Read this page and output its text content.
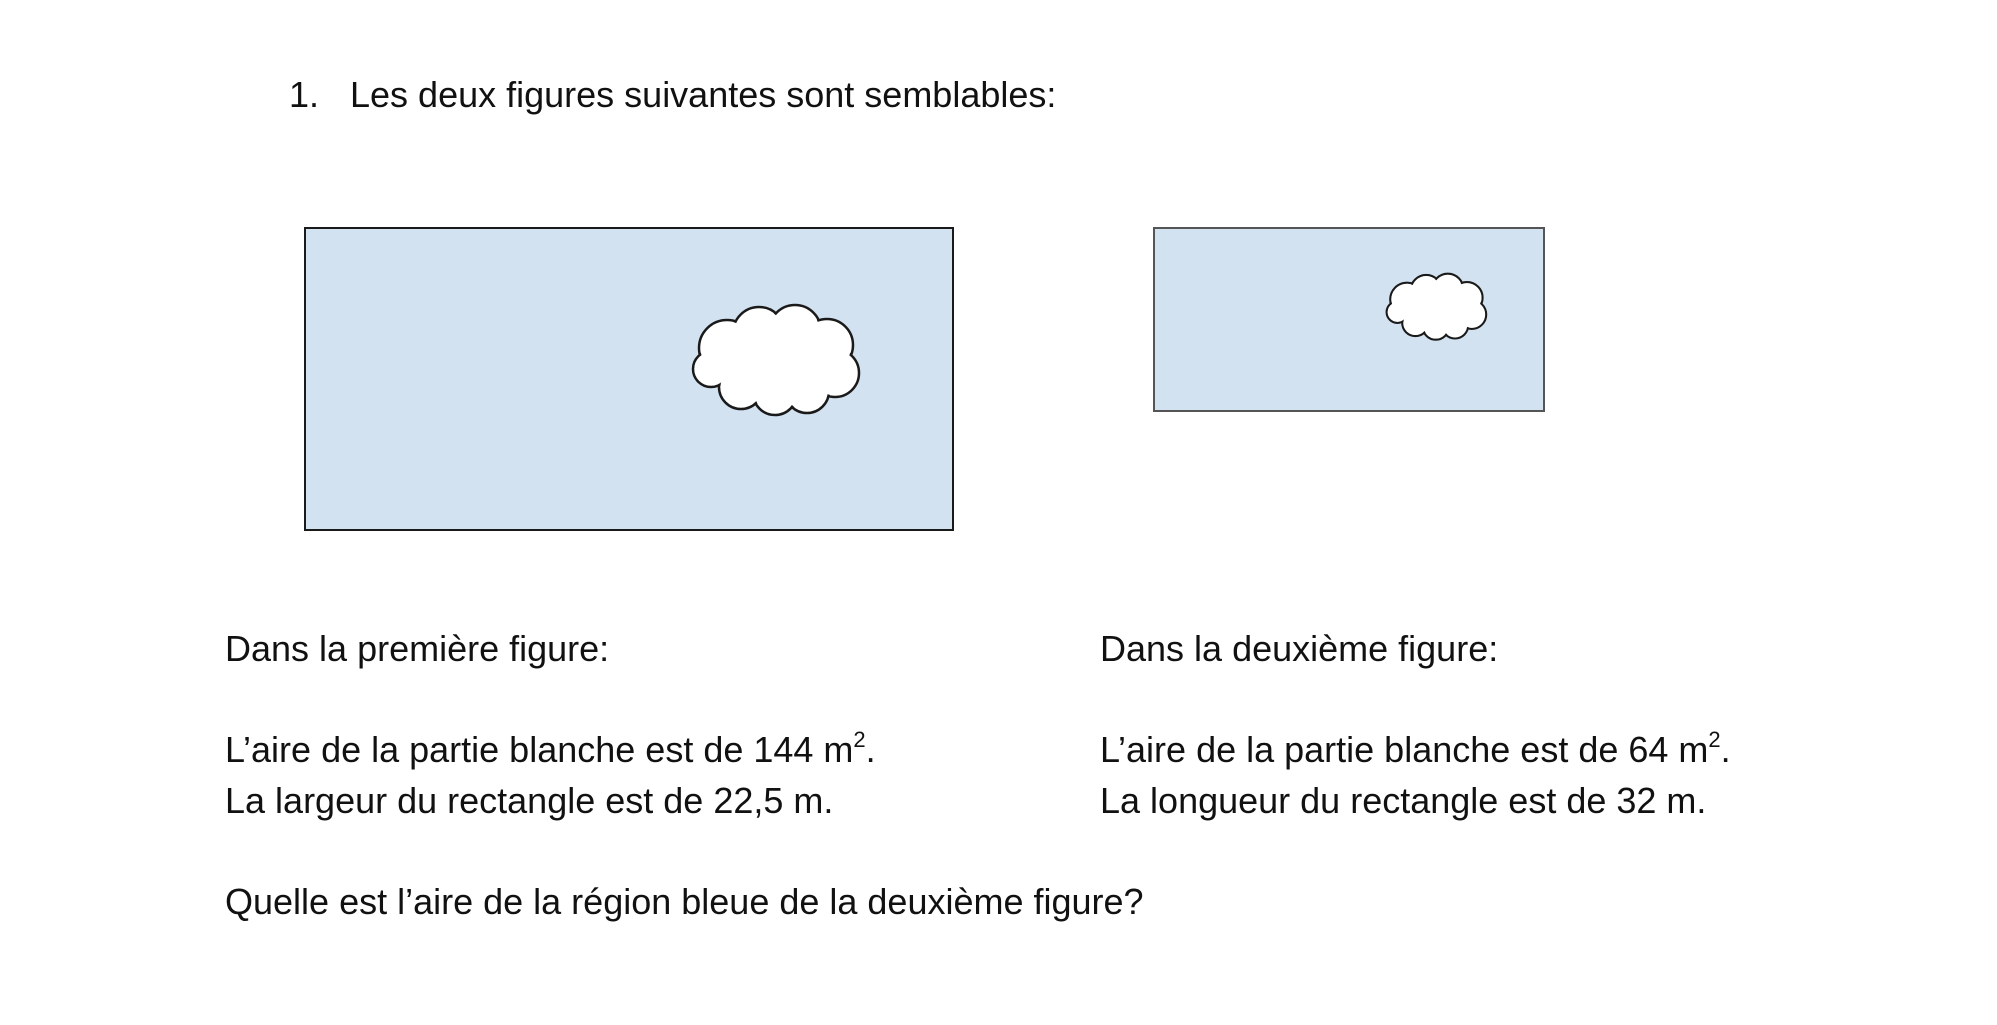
1. Les deux figures suivantes sont semblables:
Dans la première figure:	Dans la deuxième figure:
L’aire de la partie blanche est de 144 $m^2$.	L’aire de la partie blanche est de 64 $m^2$.
La largeur du rectangle est de 22,5 m.	La longueur du rectangle est de 32 m.
Quelle est l’aire de la région bleue de la deuxième figure?
